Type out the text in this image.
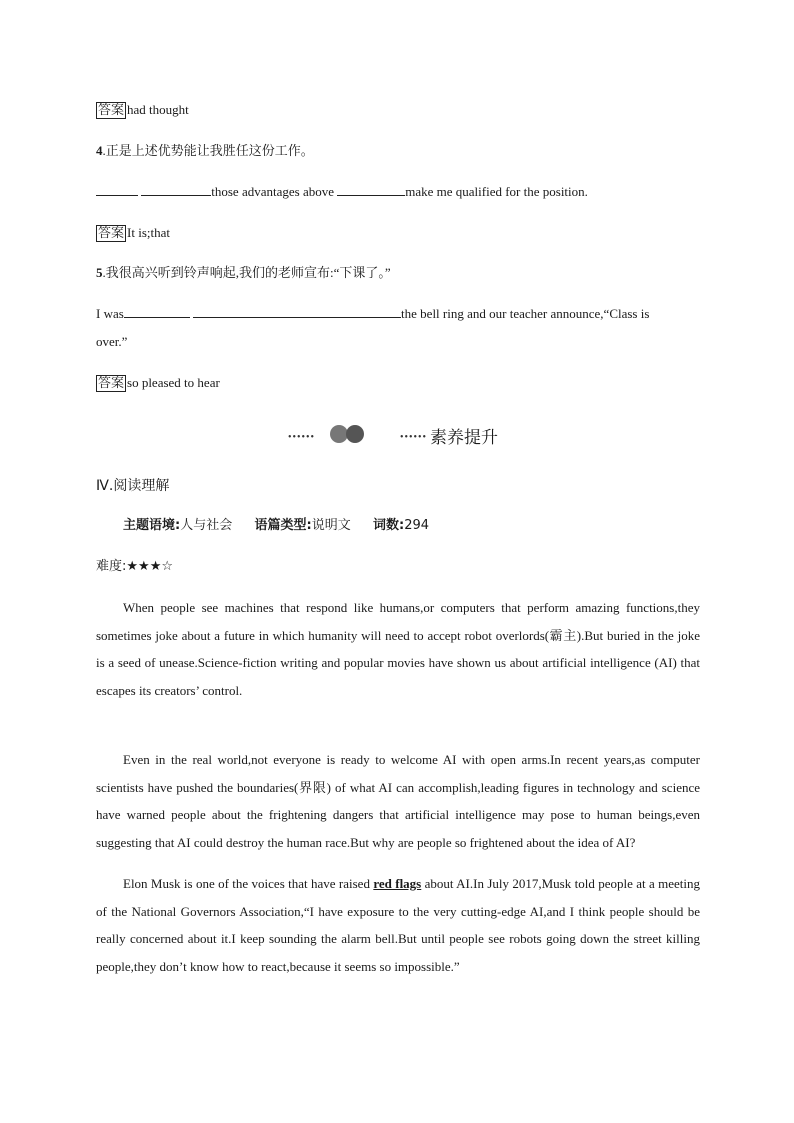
答案 had thought
4.正是上述优势能让我胜任这份工作。
those advantages above	make me qualified for the position.
答案 It is;that
5.我很高兴听到铃声响起,我们的老师宣布:“下课了。”
I was	the bell ring and our teacher announce,“Class is
over.”
答案 so pleased to hear
••••••	•••••• 素养提升
Ⅳ.阅读理解
主题语境:人与社会 语篇类型:说明文 词数:294
难度:★★★☆

When people see machines that respond like humans,or computers that perform amazing functions,they sometimes joke about a future in which humanity will need to accept robot overlords(霸主).But buried in the joke is a seed of unease.Science-fiction writing and popular movies have shown us about artificial intelligence (AI) that escapes its creators’ control.

Even in the real world,not everyone is ready to welcome AI with open arms.In recent years,as computer scientists have pushed the boundaries(界限) of what AI can accomplish,leading figures in technology and science have warned people about the frightening dangers that artificial intelligence may pose to human beings,even suggesting that AI could destroy the human race.But why are people so frightened about the idea of AI?

Elon Musk is one of the voices that have raised red flags about AI.In July 2017,Musk told people at a meeting of the National Governors Association,“I have exposure to the very cutting-edge AI,and I think people should be really concerned about it.I keep sounding the alarm bell.But until people see robots going down the street killing people,they don’t know how to react,because it seems so impossible.”
